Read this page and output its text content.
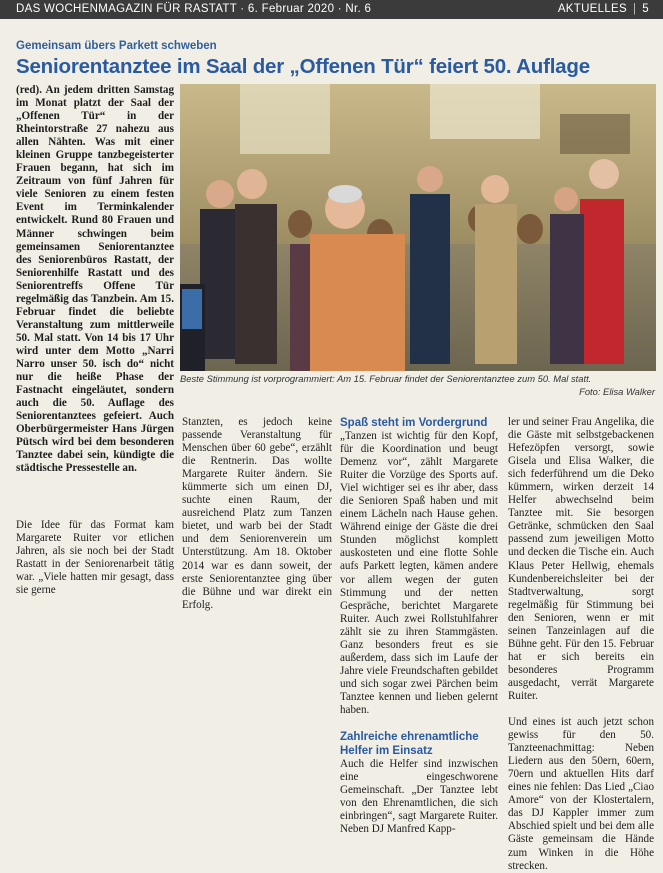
DAS WOCHENMAGAZIN FÜR RASTATT · 6. Februar 2020 · Nr. 6	AKTUELLES | 5
Gemeinsam übers Parkett schweben
Seniorentanztee im Saal der „Offenen Tür“ feiert 50. Auflage

(red). An jedem dritten Samstag im Monat platzt der Saal der „Offenen Tür“ in der Rheintorstraße 27 nahezu aus allen Nähten. Was mit einer kleinen Gruppe tanzbegeisterter Frauen begann, hat sich im Zeitraum von fünf Jahren für viele Senioren zu einem festen Event im Terminkalender entwickelt. Rund 80 Frauen und Männer schwingen beim gemeinsamen Seniorentanztee des Seniorenbüros Rastatt, der Seniorenhilfe Rastatt und des Seniorentreffs Offene Tür regelmäßig das Tanzbein. Am 15. Februar findet die beliebte Veranstaltung zum mittlerweile 50. Mal statt. Von 14 bis 17 Uhr wird unter dem Motto „Narri Narro unser 50. isch do“ nicht nur die heiße Phase der Fastnacht eingeläutet, sondern auch die 50. Auflage des Seniorentanztees gefeiert. Auch Oberbürgermeister Hans Jürgen Pütsch wird bei dem besonderen Tanztee dabei sein, kündigte die städtische Pressestelle an.

Beste Stimmung ist vorprogrammiert: Am 15. Februar findet der Seniorentanztee zum 50. Mal statt.
Foto: Elisa Walker

Die Idee für das Format kam Margarete Ruiter vor etlichen Jahren, als sie noch bei der Stadt Rastatt in der Seniorenarbeit tätig war. „Viele hatten mir gesagt, dass sie gerne

Stanzten, es jedoch keine passende Veranstaltung für Menschen über 60 gebe“, erzählt die Rentnerin. Das wollte Margarete Ruiter ändern. Sie kümmerte sich um einen DJ, suchte einen Raum, der ausreichend Platz zum Tanzen bietet, und warb bei der Stadt und dem Seniorenverein um Unterstützung. Am 18. Oktober 2014 war es dann soweit, der erste Seniorentanztee ging über die Bühne und war direkt ein Erfolg.

Spaß steht im Vordergrund

„Tanzen ist wichtig für den Kopf, für die Koordination und beugt Demenz vor“, zählt Margarete Ruiter die Vorzüge des Sports auf. Viel wichtiger sei es ihr aber, dass die Senioren Spaß haben und mit einem Lächeln nach Hause gehen. Während einige der Gäste die drei Stunden möglichst komplett auskosteten und eine flotte Sohle aufs Parkett legten, kämen andere vor allem wegen der guten Stimmung und der netten Gespräche, berichtet Margarete Ruiter. Auch zwei Rollstuhlfahrer zählt sie zu ihren Stammgästen. Ganz besonders freut es sie außerdem, dass sich im Laufe der Jahre viele Freundschaften gebildet und sich sogar zwei Pärchen beim Tanztee kennen und lieben gelernt haben.

Zahlreiche ehrenamtliche Helfer im Einsatz

Auch die Helfer sind inzwischen eine eingeschworene Gemeinschaft. „Der Tanztee lebt von den Ehrenamtlichen, die sich einbringen“, sagt Margarete Ruiter. Neben DJ Manfred Kapp-

ler und seiner Frau Angelika, die die Gäste mit selbstgebackenen Hefezöpfen versorgt, sowie Gisela und Elisa Walker, die sich federführend um die Deko kümmern, wirken derzeit 14 Helfer abwechselnd beim Tanztee mit. Sie besorgen Getränke, schmücken den Saal passend zum jeweiligen Motto und decken die Tische ein. Auch Klaus Peter Hellwig, ehemals Kundenbereichsleiter bei der Stadtverwaltung, sorgt regelmäßig für Stimmung bei den Senioren, wenn er mit seinen Tanzeinlagen auf die Bühne geht. Für den 15. Februar hat er sich bereits ein besonderes Programm ausgedacht, verrät Margarete Ruiter.

Und eines ist auch jetzt schon gewiss für den 50. Tanzteenachmittag: Neben Liedern aus den 50ern, 60ern, 70ern und aktuellen Hits darf eines nie fehlen: Das Lied „Ciao Amore“ von der Klostertalern, das DJ Kappler immer zum Abschied spielt und bei dem alle Gäste gemeinsam die Hände zum Winken in die Höhe strecken.
